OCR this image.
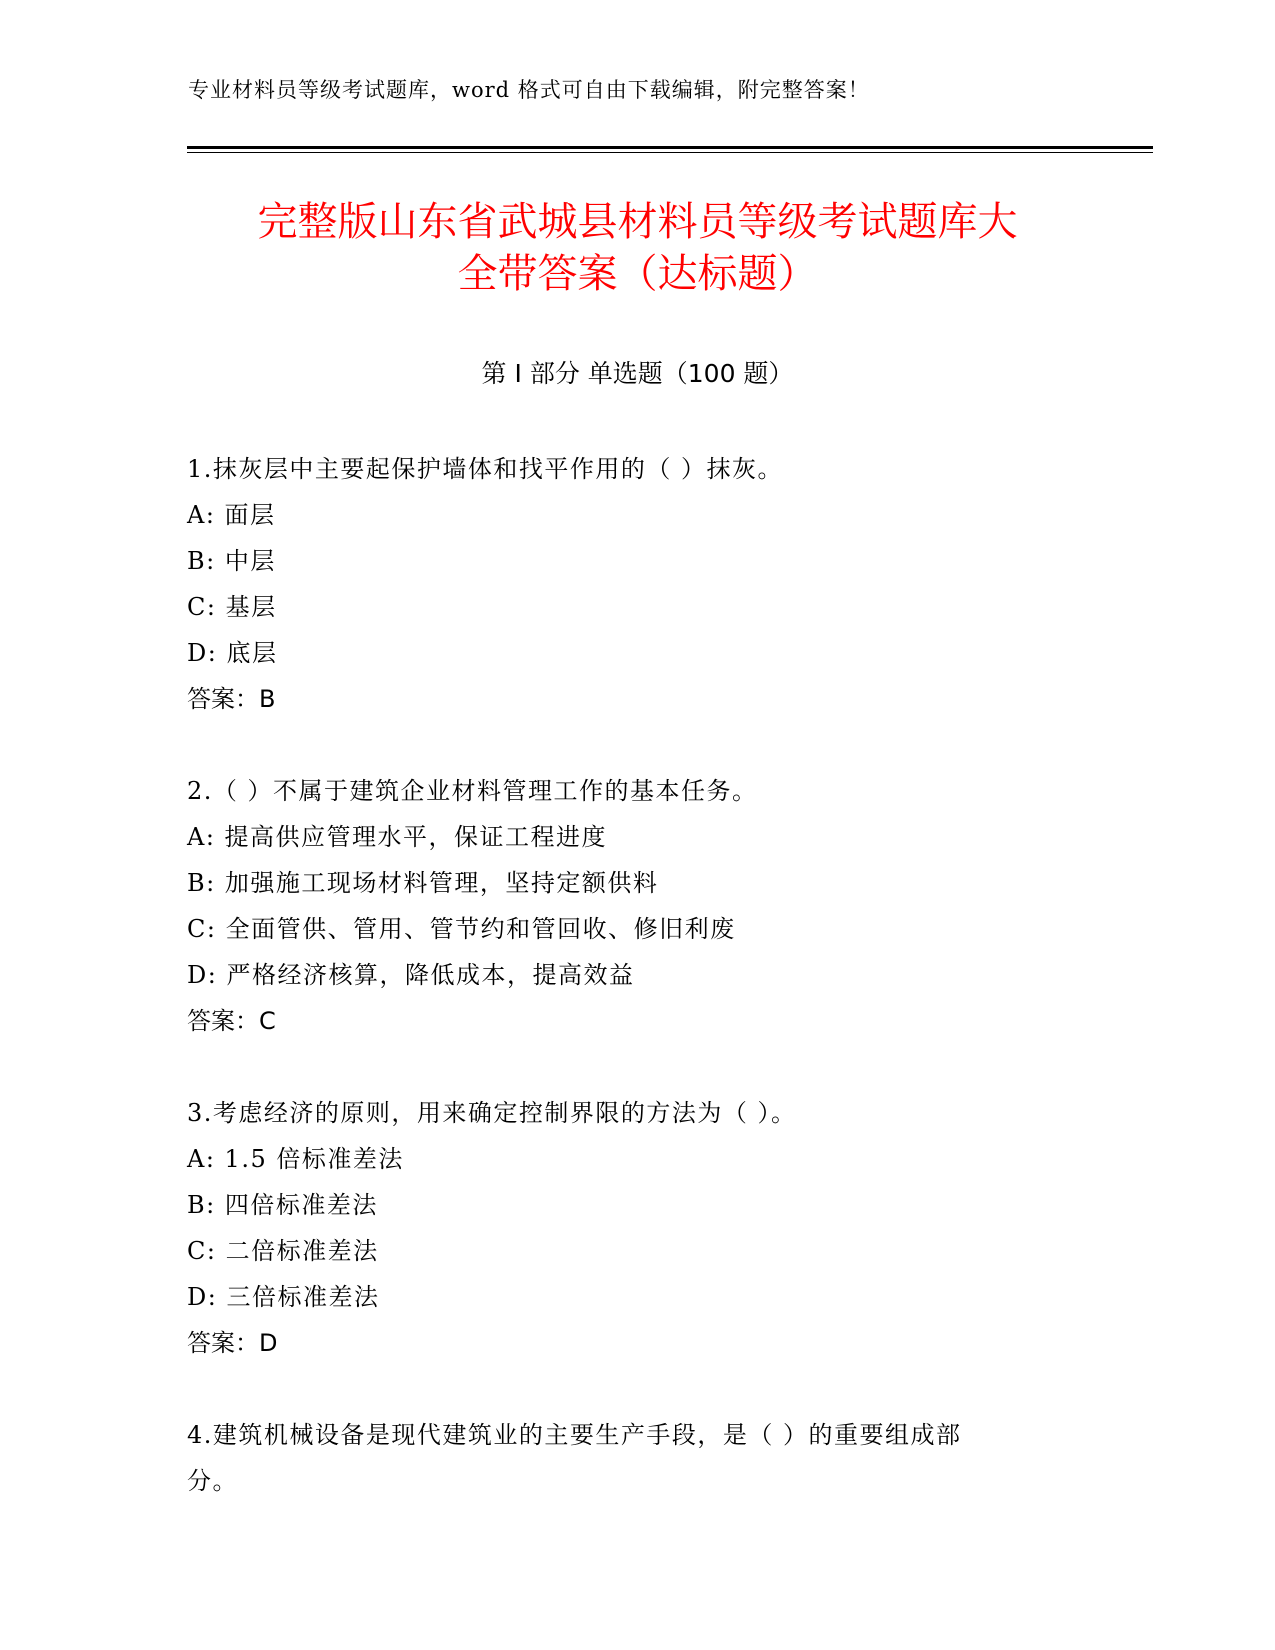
专业材料员等级考试题库，word 格式可自由下载编辑，附完整答案！
完整版山东省武城县材料员等级考试题库大
全带答案（达标题）
第 I 部分 单选题（100 题）
1.抹灰层中主要起保护墙体和找平作用的（ ）抹灰。
A: 面层
B: 中层
C: 基层
D: 底层
答案：B
2.（ ）不属于建筑企业材料管理工作的基本任务。
A: 提高供应管理水平，保证工程进度
B: 加强施工现场材料管理，坚持定额供料
C: 全面管供、管用、管节约和管回收、修旧利废
D: 严格经济核算，降低成本，提高效益
答案：C
3.考虑经济的原则，用来确定控制界限的方法为（ ）。
A: 1.5 倍标准差法
B: 四倍标准差法
C: 二倍标准差法
D: 三倍标准差法
答案：D
4.建筑机械设备是现代建筑业的主要生产手段，是（ ）的重要组成部
分。
